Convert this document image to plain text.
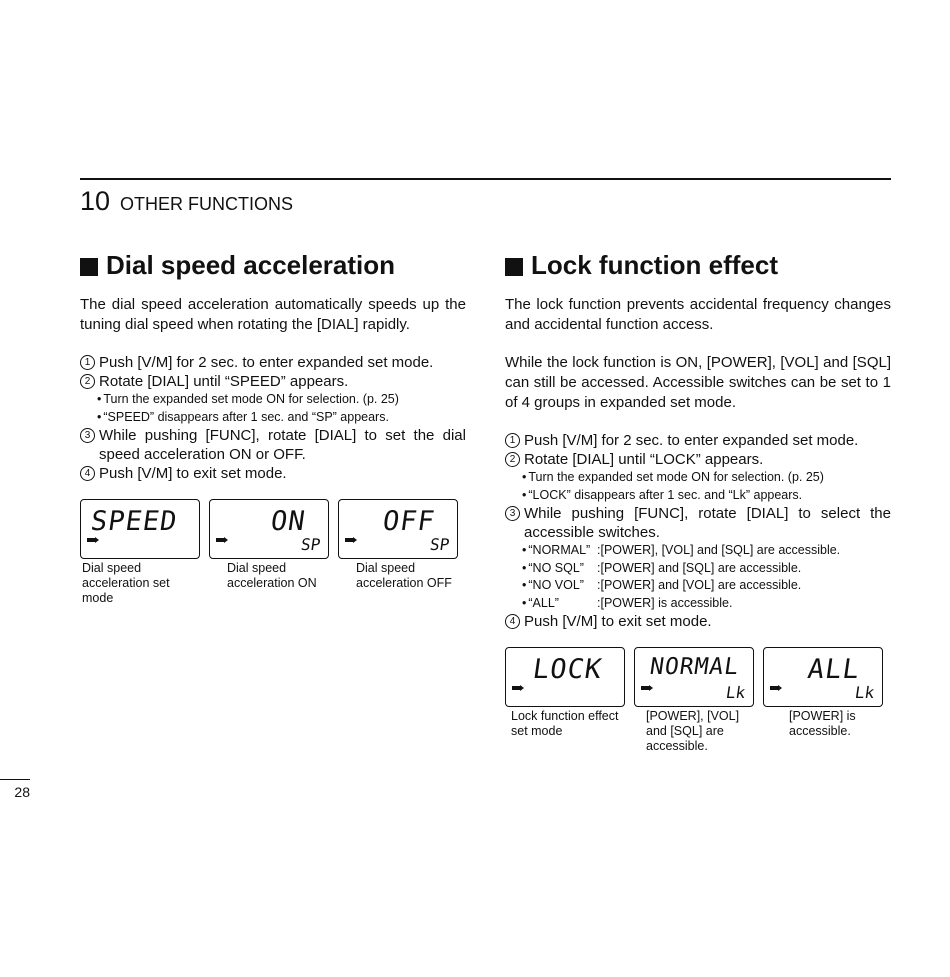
10 OTHER FUNCTIONS
Dial speed acceleration

The dial speed acceleration automatically speeds up the tuning dial speed when rotating the [DIAL] rapidly.

1 Push [V/M] for 2 sec. to enter expanded set mode.
2 Rotate [DIAL] until “SPEED” appears.
• Turn the expanded set mode ON for selection. (p. 25)
• “SPEED” disappears after 1 sec. and “SP” appears.
3 While pushing [FUNC], rotate [DIAL] to set the dial speed acceleration ON or OFF.
4 Push [V/M] to exit set mode.
SPEED	ON
SP
OFF
SP
Dial speed acceleration set mode
Dial speed acceleration ON
Dial speed acceleration OFF
Lock function effect

The lock function prevents accidental frequency changes and accidental function access.

While the lock function is ON, [POWER], [VOL] and [SQL] can still be accessed. Accessible switches can be set to 1 of 4 groups in expanded set mode.

1 Push [V/M] for 2 sec. to enter expanded set mode.
2 Rotate [DIAL] until “LOCK” appears.
• Turn the expanded set mode ON for selection. (p. 25)
• “LOCK” disappears after 1 sec. and “Lk” appears.
3 While pushing [FUNC], rotate [DIAL] to select the accessible switches.
• “NORMAL” :[POWER], [VOL] and [SQL] are accessible.
• “NO SQL”	:[POWER] and [SQL] are accessible.
• “NO VOL”	:[POWER] and [VOL] are accessible.
• “ALL”	:[POWER] is accessible.
4 Push [V/M] to exit set mode.
LOCK NORMAL
Lk
ALL
Lk
Lock function effect set mode
[POWER], [VOL] and [SQL] are accessible.
[POWER] is accessible.
28
